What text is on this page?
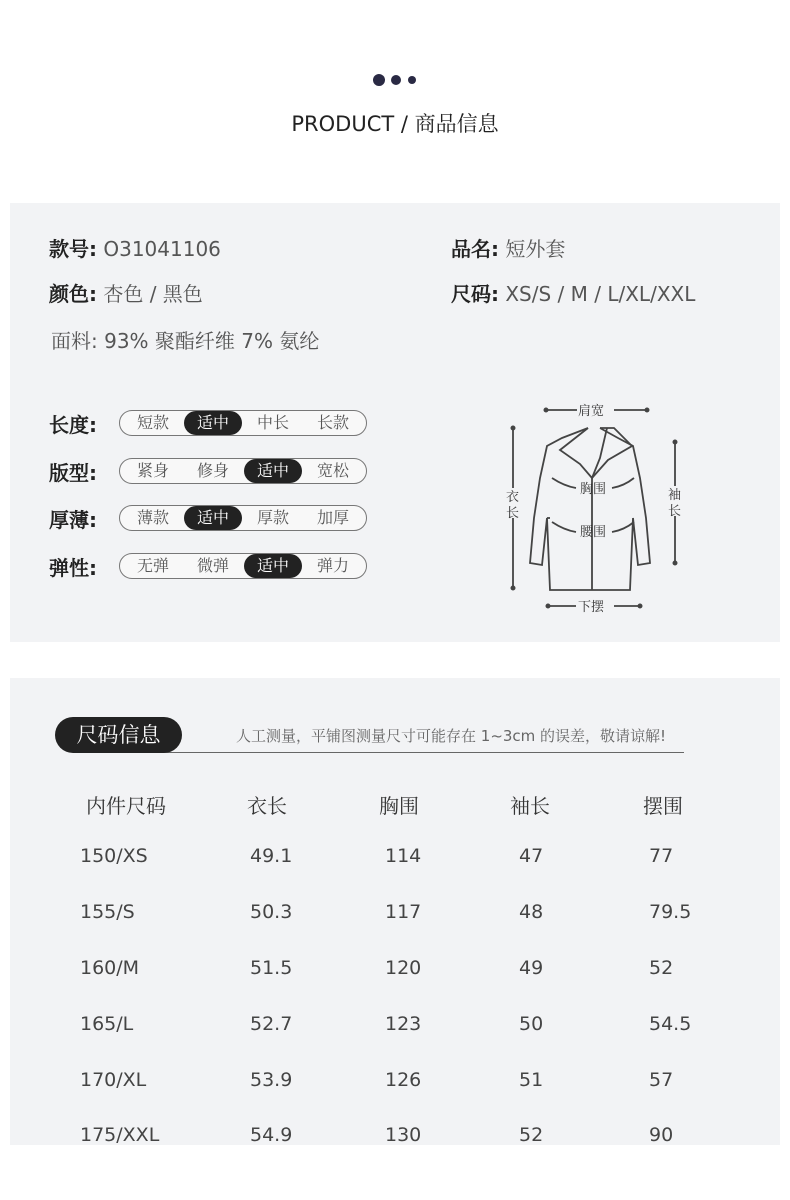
PRODUCT / 商品信息
款号: O31041106	品名: 短外套
颜色: 杏色 / 黑色	尺码: XS/S / M / L/XL/XXL
面料: 93% 聚酯纤维 7% 氨纶
长度:	短款	适中	中长	长款
版型:	紧身	修身	适中	宽松
厚薄:	薄款	适中	厚款	加厚
弹性:	无弹	微弹	适中	弹力
肩宽
胸围
腰围
下摆
衣
长
袖
长
尺码信息	人工测量，平铺图测量尺寸可能存在 1~3cm 的误差，敬请谅解!
内件尺码	衣长	胸围	袖长	摆围
150/XS	49.1	114	47	77
155/S	50.3	117	48	79.5
160/M	51.5	120	49	52
165/L	52.7	123	50	54.5
170/XL	53.9	126	51	57
175/XXL	54.9	130	52	90
